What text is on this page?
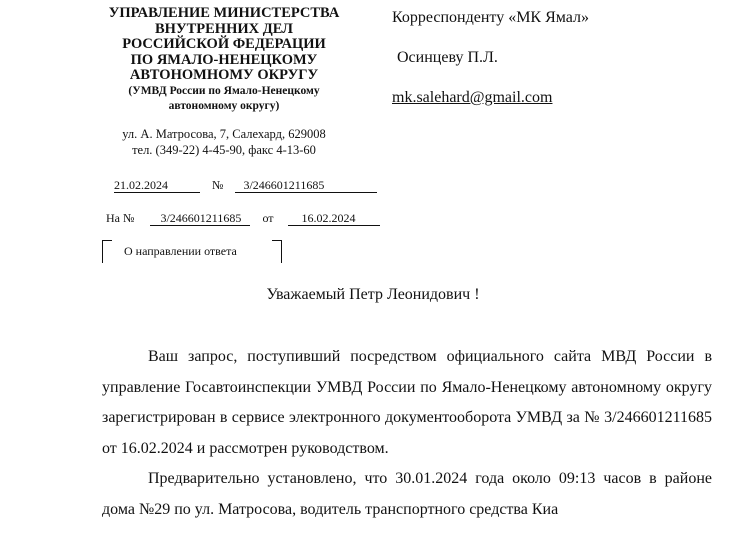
УПРАВЛЕНИЕ МИНИСТЕРСТВА
ВНУТРЕННИХ ДЕЛ
РОССИЙСКОЙ ФЕДЕРАЦИИ
ПО ЯМАЛО-НЕНЕЦКОМУ
АВТОНОМНОМУ ОКРУГУ
(УМВД России по Ямало-Ненецкому
автономному округу)
ул. А. Матросова, 7, Салехард, 629008
тел. (349-22) 4-45-90, факс 4-13-60
21.02.2024	№ 3/246601211685
На № 3/246601211685 от 16.02.2024
О направлении ответа
Корреспонденту «МК Ямал»
Осинцеву П.Л.
mk.salehard@gmail.com
Уважаемый Петр Леонидович !

Ваш запрос, поступивший посредством официального сайта МВД России в управление Госавтоинспекции УМВД России по Ямало-Ненецкому автономному округу зарегистрирован в сервисе электронного документооборота УМВД за № 3/246601211685 от 16.02.2024 и рассмотрен руководством.

Предварительно установлено, что 30.01.2024 года около 09:13 часов в районе дома №29 по ул. Матросова, водитель транспортного средства Киа
